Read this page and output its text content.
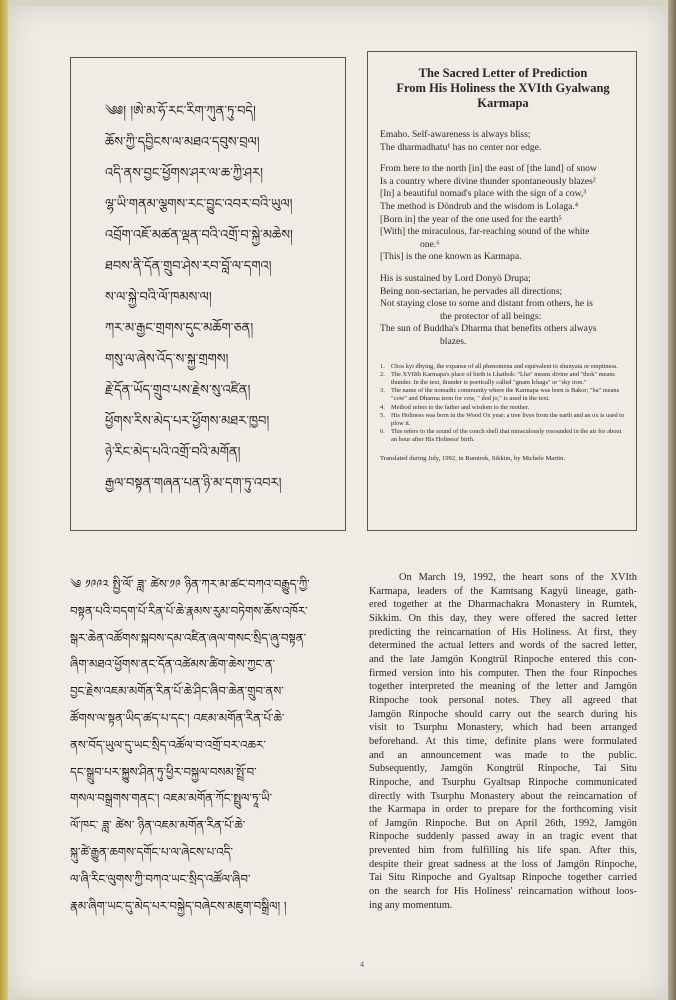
༄༅། །ཨེ་མ་ཧོ་རང་རིག་ཀུན་ཏུ་བདེ།
ཆོས་ཀྱི་དབྱིངས་ལ་མཐའ་དབུས་བྲལ།
འདི་ནས་བྱང་ཕྱོགས་ཤར་ལ་ཆ་ཀྱི་ཤར།
ལྷ་ཡི་གནམ་ལྕགས་རང་བྱུང་འབར་བའི་ཡུལ།
འབྲོག་འཇོ་མཚན་ལྡན་བའི་འགྲོ་བ་སྐྱེ་མཆེས།
ཐབས་ནི་དོན་གྲུབ་ཤེས་རབ་བློ་ལ་དགའ།
ས་ལ་སྐྱེ་བའི་ལོ་ཁམས་ལ།
ཀར་མ་རྒྱང་གྲགས་དུང་མཆོག་ཅན།
གསུ་ལ་ཞེས་འོད་ས་སྐྱ་གྲགས།
རྗེ་དོན་ཡོད་གྲུབ་པས་རྗེས་སུ་འཛིན།
ཕྱོགས་རིས་མེད་པར་ཕྱོགས་མཐར་ཁྱབ།
ཉེ་རིང་མེད་པའི་འགྲོ་བའི་མགོན།
རྒྱལ་བསྟན་གཞན་པན་ཉི་མ་དག་ཏུ་འབར།
The Sacred Letter of Prediction
From His Holiness the XVIth Gyalwang
Karmapa
Emaho. Self-awareness is always bliss;
The dharmadhatu¹ has no center nor edge.
From here to the north [in] the east of [the land] of snow
Is a country where divine thunder spontaneously blazes²
[In] a beautiful nomad's place with the sign of a cow,³
The method is Döndrub and the wisdom is Lolaga.⁴
[Born in] the year of the one used for the earth⁵
[With] the miraculous, far-reaching sound of the white
one.⁶
[This] is the one known as Karmapa.
His is sustained by Lord Donyö Drupa;
Being non-sectarian, he pervades all directions;
Not staying close to some and distant from others, he is
the protector of all beings:
The sun of Buddha's Dharma that benefits others always
blazes.
1. Chos kyi dbying, the expanse of all phenomena and equivalent to shunyata or emptiness.
2. The XVIIth Karmapa's place of birth is Lhathok: "Lha" means divine and "thok" means thunder. In the text, thunder is poetically called "gnam lchags" or "sky iron."
3. The name of the nomadic community where the Karmapa was born is Bakor; "ba" means "cow" and Dharma term for cow, " dod jo," is used in the text.
4. Method refers to the father and wisdom to the mother.
5. His Holiness was born in the Wood Ox year; a tree lives from the earth and an ox is used to plow it.
6. This refers to the sound of the conch shell that miraculously resounded in the air for about an hour after His Holiness' birth.
Translated during July, 1992, in Rumtrek, Sikkim, by Michele Martin.
༄ ༡༩༩༢ སྤྱི་ལོ་ ཟླ་ ཚེས་༡༩ ཉིན་ཀར་མ་ཚང་བཀའ་བརྒྱུད་ཀྱི་
བསྟན་པའི་བདག་པོ་རིན་པོ་ཆེ་རྣམས་རུམ་བཏེགས་ཆོས་འཁོར་
སྒར་ཆེན་འཚོགས་སྐབས་དམ་འཛིན་ཞལ་གསང་སྲིད་ཞུ་བསྟན་
ཞིག་མཐའ་ཕྱོགས་ནང་དོན་འཚེམས་ཚིག་ཆེས་ཀྱང་ན་
བྱང་རྗེས་འཇམ་མགོན་རིན་པོ་ཆེ་ཤིང་ཞིབ་ཆེན་གྲུབ་ནས་
ཚོགས་ལ་སྟན་ཡིད་ཚད་པ་དང་། འཇམ་མགོན་རིན་པོ་ཆེ་
ནས་བོད་ཡུལ་དུ་ཡང་སྲིད་འཚོལ་བ་འགྲོ་བར་འཆར་
དང་སྒྲུབ་པར་སྐྱུས་ཤིན་ཏུ་ཕྱིར་བསྐྱལ་བསམ་སྤྲོ་བ་
གསལ་བསྒྲགས་གནང་། འཇམ་མགོན་ཀོང་སྤྲུལ་ཏཱ་ཡི་
ལོ་ཁང་ ཟླ་ ཚེས་ ཉིན་འཇམ་མགོན་རིན་པོ་ཆེ་
སྐུ་ཚེ་རྒྱུན་ཆགས་དགོང་པ་ལ་ཞེངས་པ་འདི་
ལ་ཞི་རིང་ལུགས་ཀྱི་བཀའ་ཡང་སྲིད་འཚོལ་ཞིབ་
རྣམ་ཞིག་ཡང་དུ་མེད་པར་བསྐྱེད་བཞེངས་མཇུག་བསྒྲིལ། །
On March 19, 1992, the heart sons of the XVIth
Karmapa, leaders of the Kamtsang Kagyü lineage, gath-
ered together at the Dharmachakra Monastery in Rumtek,
Sikkim. On this day, they were offered the sacred letter
predicting the reincarnation of His Holiness. At first, they
determined the actual letters and words of the sacred letter,
and the late Jamgön Kongtrül Rinpoche entered this con-
firmed version into his computer. Then the four Rinpoches
together interpreted the meaning of the letter and Jamgön
Rinpoche took personal notes. They all agreed that
Jamgön Rinpoche should carry out the search during his
visit to Tsurphu Monastery, which had been arranged
beforehand. At this time, definite plans were formulated
and an announcement was made to the public.
Subsequently, Jamgön Kongtrül Rinpoche, Tai Situ
Rinpoche, and Tsurphu Gyaltsap Rinpoche communicated
directly with Tsurphu Monastery about the reincarnation of
the Karmapa in order to prepare for the forthcoming visit
of Jamgön Rinpoche. But on April 26th, 1992, Jamgön
Rinpoche suddenly passed away in an tragic event that
prevented him from fulfilling his life span. After this,
despite their great sadness at the loss of Jamgön Rinpoche,
Tai Situ Rinpoche and Gyaltsap Rinpoche together carried
on the search for His Holiness' reincarnation without loos-
ing any momentum.
4
